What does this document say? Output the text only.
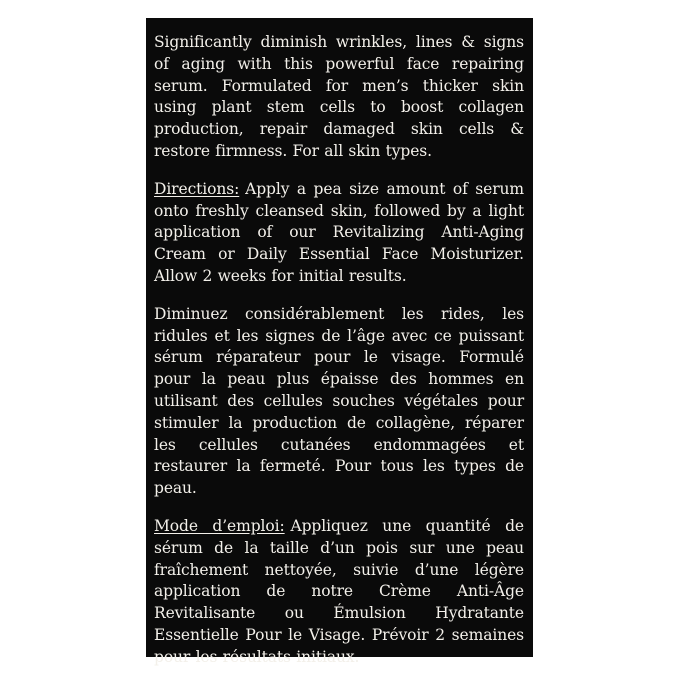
Significantly diminish wrinkles, lines & signs of aging with this powerful face repairing serum. Formulated for men’s thicker skin using plant stem cells to boost collagen production, repair damaged skin cells & restore firmness. For all skin types.

Directions: Apply a pea size amount of serum onto freshly cleansed skin, followed by a light application of our Revitalizing Anti-Aging Cream or Daily Essential Face Moisturizer. Allow 2 weeks for initial results.

Diminuez considérablement les rides, les ridules et les signes de l’âge avec ce puissant sérum réparateur pour le visage. Formulé pour la peau plus épaisse des hommes en utilisant des cellules souches végétales pour stimuler la production de collagène, réparer les cellules cutanées endommagées et restaurer la fermeté. Pour tous les types de peau.

Mode d’emploi: Appliquez une quantité de sérum de la taille d’un pois sur une peau fraîchement nettoyée, suivie d’une légère application de notre Crème Anti-Âge Revitalisante ou Émulsion Hydratante Essentielle Pour le Visage. Prévoir 2 semaines pour les résultats initiaux.
